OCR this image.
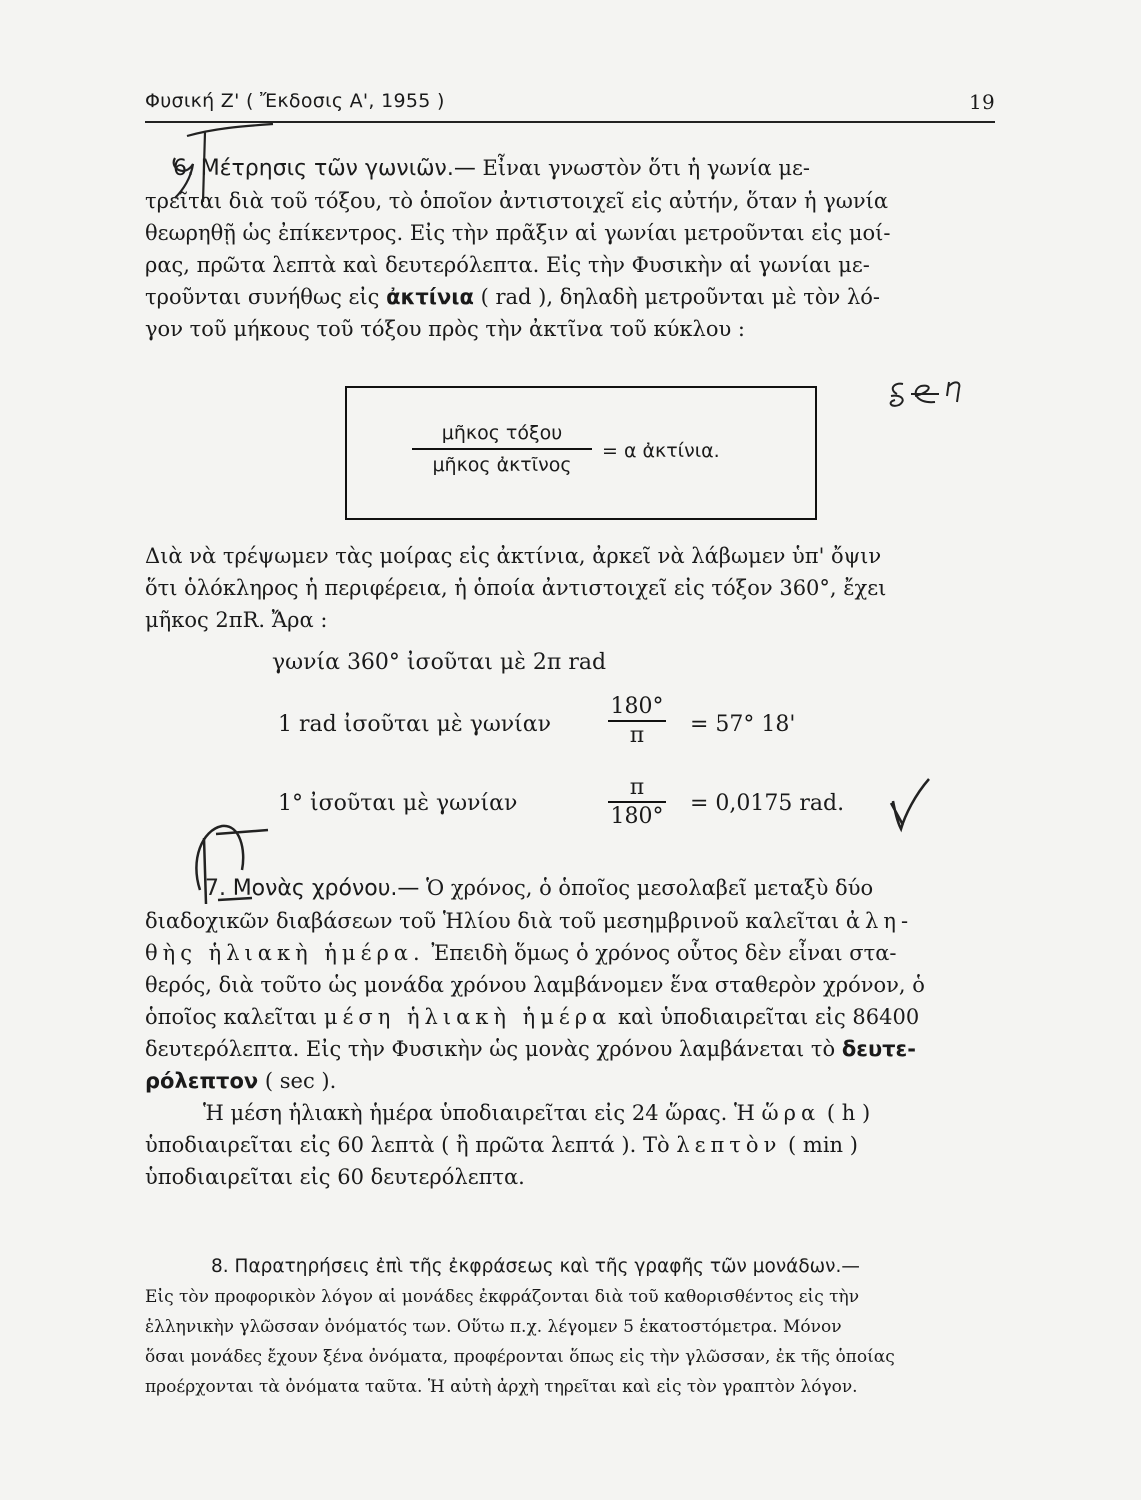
Φυσική Ζ' ( Ἔκδοσις Α', 1955 )	19
6. Μέτρησις τῶν γωνιῶν.— Εἶναι γνωστὸν ὅτι ἡ γωνία με-
τρεῖται διὰ τοῦ τόξου, τὸ ὁποῖον ἀντιστοιχεῖ εἰς αὐτήν, ὅταν ἡ γωνία
θεωρηθῇ ὡς ἐπίκεντρος. Εἰς τὴν πρᾶξιν αἱ γωνίαι μετροῦνται εἰς μοί-
ρας, πρῶτα λεπτὰ καὶ δευτερόλεπτα. Εἰς τὴν Φυσικὴν αἱ γωνίαι με-
τροῦνται συνήθως εἰς ἀκτίνια ( rad ), δηλαδὴ μετροῦνται μὲ τὸν λό-
γον τοῦ μήκους τοῦ τόξου πρὸς τὴν ἀκτῖνα τοῦ κύκλου :
μῆκος τόξου
μῆκος ἀκτῖνος
= α ἀκτίνια.
Διὰ νὰ τρέψωμεν τὰς μοίρας εἰς ἀκτίνια, ἀρκεῖ νὰ λάβωμεν ὑπ' ὄψιν
ὅτι ὁλόκληρος ἡ περιφέρεια, ἡ ὁποία ἀντιστοιχεῖ εἰς τόξον 360°, ἔχει
μῆκος 2πR. Ἄρα :
γωνία 360° ἰσοῦται μὲ 2π rad
1 rad ἰσοῦται μὲ γωνίαν
180°
π	= 57° 18'
1° ἰσοῦται μὲ γωνίαν
π
180° = 0,0175 rad.
7. Μονὰς χρόνου.— Ὁ χρόνος, ὁ ὁποῖος μεσολαβεῖ μεταξὺ δύο
διαδοχικῶν διαβάσεων τοῦ Ἡλίου διὰ τοῦ μεσημβρινοῦ καλεῖται ἀλη-
θὴς ἡλιακὴ ἡμέρα. Ἐπειδὴ ὅμως ὁ χρόνος οὗτος δὲν εἶναι στα-
θερός, διὰ τοῦτο ὡς μονάδα χρόνου λαμβάνομεν ἕνα σταθερὸν χρόνον, ὁ
ὁποῖος καλεῖται μέση ἡλιακὴ ἡμέρα καὶ ὑποδιαιρεῖται εἰς 86400
δευτερόλεπτα. Εἰς τὴν Φυσικὴν ὡς μονὰς χρόνου λαμβάνεται τὸ δευτε-
ρόλεπτον ( sec ).
Ἡ μέση ἡλιακὴ ἡμέρα ὑποδιαιρεῖται εἰς 24 ὥρας. Ἡ ὥρα ( h )
ὑποδιαιρεῖται εἰς 60 λεπτὰ ( ἢ πρῶτα λεπτά ). Τὸ λεπτὸν ( min )
ὑποδιαιρεῖται εἰς 60 δευτερόλεπτα.
8. Παρατηρήσεις ἐπὶ τῆς ἐκφράσεως καὶ τῆς γραφῆς τῶν μονάδων.—
Εἰς τὸν προφορικὸν λόγον αἱ μονάδες ἐκφράζονται διὰ τοῦ καθορισθέντος εἰς τὴν
ἑλληνικὴν γλῶσσαν ὀνόματός των. Οὕτω π.χ. λέγομεν 5 ἑκατοστόμετρα. Μόνον
ὅσαι μονάδες ἔχουν ξένα ὀνόματα, προφέρονται ὅπως εἰς τὴν γλῶσσαν, ἐκ τῆς ὁποίας
προέρχονται τὰ ὀνόματα ταῦτα. Ἡ αὐτὴ ἀρχὴ τηρεῖται καὶ εἰς τὸν γραπτὸν λόγον.
